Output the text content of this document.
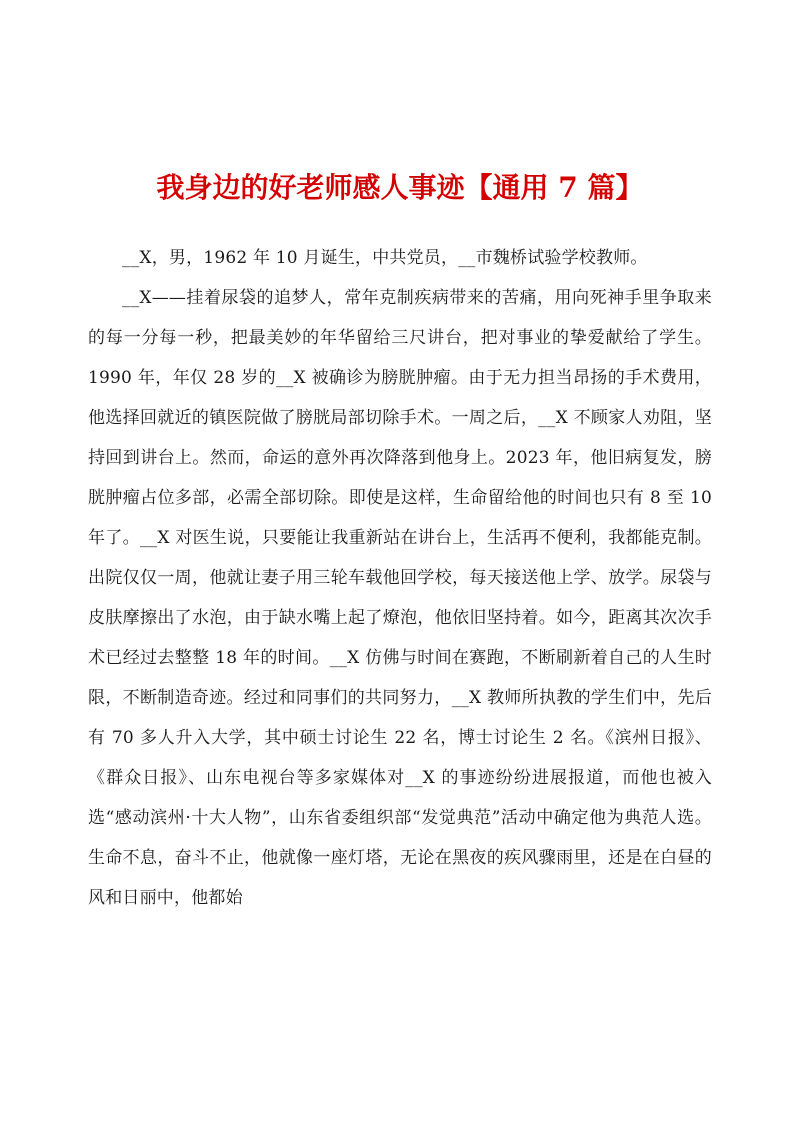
我身边的好老师感人事迹【通用 7 篇】

__X，男，1962 年 10 月诞生，中共党员，__市魏桥试验学校教师。

__X——挂着尿袋的追梦人，常年克制疾病带来的苦痛，用向死神手里争取来的每一分每一秒，把最美妙的年华留给三尺讲台，把对事业的挚爱献给了学生。1990 年，年仅 28 岁的__X 被确诊为膀胱肿瘤。由于无力担当昂扬的手术费用，他选择回就近的镇医院做了膀胱局部切除手术。一周之后，__X 不顾家人劝阻，坚持回到讲台上。然而，命运的意外再次降落到他身上。2023 年，他旧病复发，膀胱肿瘤占位多部，必需全部切除。即使是这样，生命留给他的时间也只有 8 至 10 年了。__X 对医生说，只要能让我重新站在讲台上，生活再不便利，我都能克制。出院仅仅一周，他就让妻子用三轮车载他回学校，每天接送他上学、放学。尿袋与皮肤摩擦出了水泡，由于缺水嘴上起了燎泡，他依旧坚持着。如今，距离其次次手术已经过去整整 18 年的时间。__X 仿佛与时间在赛跑，不断刷新着自己的人生时限，不断制造奇迹。经过和同事们的共同努力，__X 教师所执教的学生们中，先后有 70 多人升入大学，其中硕士讨论生 22 名，博士讨论生 2 名。《滨州日报》、《群众日报》、山东电视台等多家媒体对__X 的事迹纷纷进展报道，而他也被入选“感动滨州·十大人物”，山东省委组织部“发觉典范”活动中确定他为典范人选。生命不息，奋斗不止，他就像一座灯塔，无论在黑夜的疾风骤雨里，还是在白昼的风和日丽中，他都始
